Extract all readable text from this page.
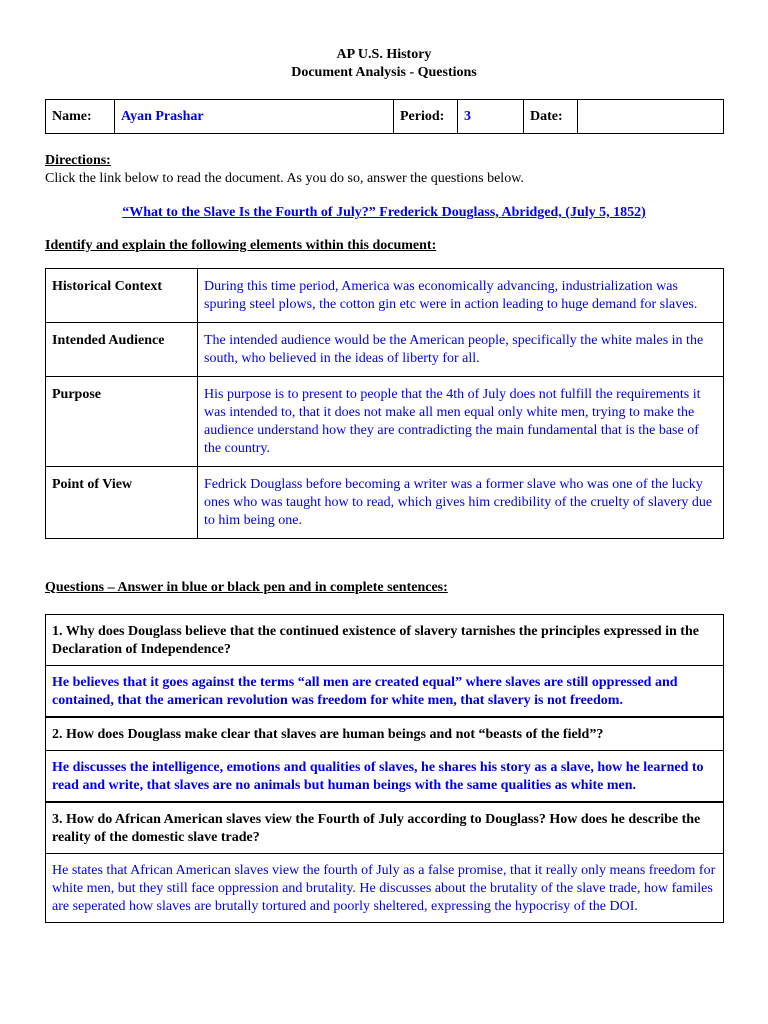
AP U.S. History
Document Analysis - Questions
Name:	Ayan Prashar	Period:	3	Date:	
Directions:
Click the link below to read the document. As you do so, answer the questions below.
“What to the Slave Is the Fourth of July?” Frederick Douglass, Abridged, (July 5, 1852)
Identify and explain the following elements within this document:
Historical Context	During this time period, America was economically advancing, industrialization was spuring steel plows, the cotton gin etc were in action leading to huge demand for slaves.
Intended Audience	The intended audience would be the American people, specifically the white males in the south, who believed in the ideas of liberty for all.
Purpose	His purpose is to present to people that the 4th of July does not fulfill the requirements it was intended to, that it does not make all men equal only white men, trying to make the audience understand how they are contradicting the main fundamental that is the base of the country.
Point of View	Fedrick Douglass before becoming a writer was a former slave who was one of the lucky ones who was taught how to read, which gives him credibility of the cruelty of slavery due to him being one.
Questions – Answer in blue or black pen and in complete sentences:
1. Why does Douglass believe that the continued existence of slavery tarnishes the principles expressed in the Declaration of Independence?
He believes that it goes against the terms “all men are created equal” where slaves are still oppressed and contained, that the american revolution was freedom for white men, that slavery is not freedom.
2. How does Douglass make clear that slaves are human beings and not “beasts of the field”?
He discusses the intelligence, emotions and qualities of slaves, he shares his story as a slave, how he learned to read and write, that slaves are no animals but human beings with the same qualities as white men.
3. How do African American slaves view the Fourth of July according to Douglass? How does he describe the reality of the domestic slave trade?
He states that African American slaves view the fourth of July as a false promise, that it really only means freedom for white men, but they still face oppression and brutality. He discusses about the brutality of the slave trade, how familes are seperated how slaves are brutally tortured and poorly sheltered, expressing the hypocrisy of the DOI.
